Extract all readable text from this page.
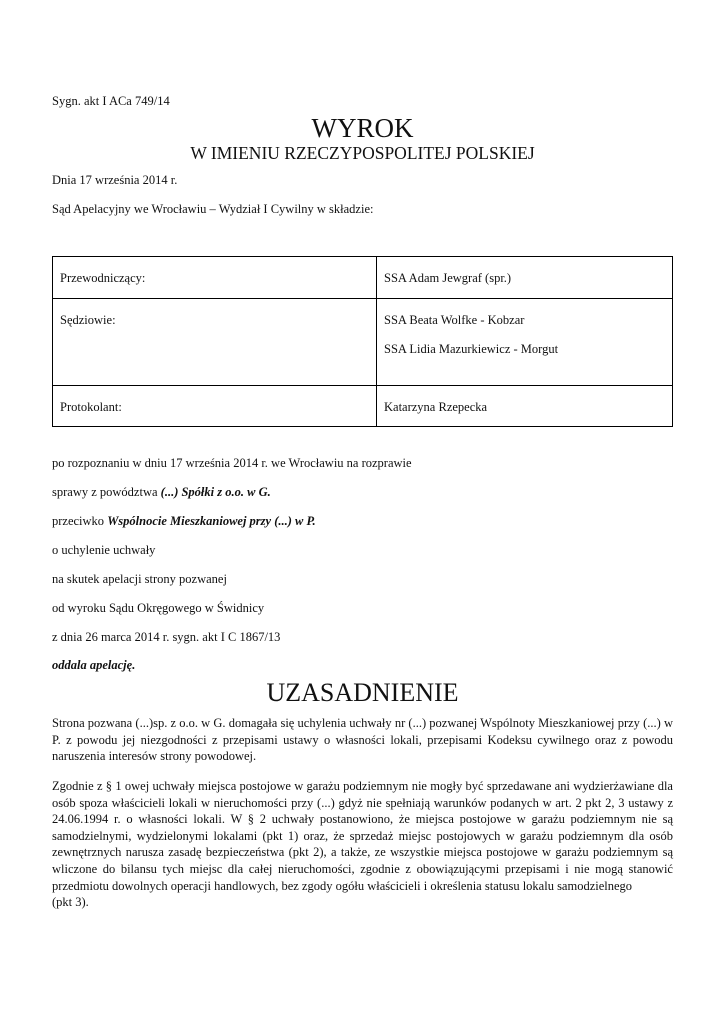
Sygn. akt I ACa 749/14
WYROK
W IMIENIU RZECZYPOSPOLITEJ POLSKIEJ
Dnia 17 września 2014 r.
Sąd Apelacyjny we Wrocławiu – Wydział I Cywilny w składzie:
Przewodniczący:	SSA Adam Jewgraf (spr.)

Sędziowie:	SSA Beata Wolfke - Kobzar
SSA Lidia Mazurkiewicz - Morgut

Protokolant:	Katarzyna Rzepecka
po rozpoznaniu w dniu 17 września 2014 r. we Wrocławiu na rozprawie
sprawy z powództwa (...) Spółki z o.o. w G.
przeciwko Wspólnocie Mieszkaniowej przy (...) w P.
o uchylenie uchwały
na skutek apelacji strony pozwanej
od wyroku Sądu Okręgowego w Świdnicy
z dnia 26 marca 2014 r. sygn. akt I C 1867/13
oddala apelację.
UZASADNIENIE
Strona pozwana (...)sp. z o.o. w G. domagała się uchylenia uchwały nr (...) pozwanej Wspólnoty Mieszkaniowej przy (...) w P. z powodu jej niezgodności z przepisami ustawy o własności lokali, przepisami Kodeksu cywilnego oraz z powodu naruszenia interesów strony powodowej.
Zgodnie z § 1 owej uchwały miejsca postojowe w garażu podziemnym nie mogły być sprzedawane ani wydzierżawiane dla osób spoza właścicieli lokali w nieruchomości przy (...) gdyż nie spełniają warunków podanych w art. 2 pkt 2, 3 ustawy z 24.06.1994 r. o własności lokali. W § 2 uchwały postanowiono, że miejsca postojowe w garażu podziemnym nie są samodzielnymi, wydzielonymi lokalami (pkt 1) oraz, że sprzedaż miejsc postojowych w garażu podziemnym dla osób zewnętrznych narusza zasadę bezpieczeństwa (pkt 2), a także, ze wszystkie miejsca postojowe w garażu podziemnym są wliczone do bilansu tych miejsc dla całej nieruchomości, zgodnie z obowiązującymi przepisami i nie mogą stanowić przedmiotu dowolnych operacji handlowych, bez zgody ogółu właścicieli i określenia statusu lokalu samodzielnego
(pkt 3).
